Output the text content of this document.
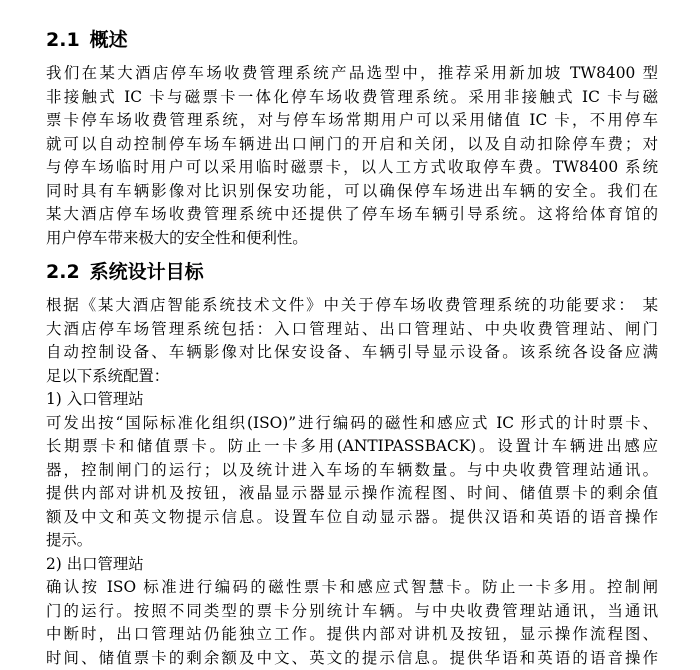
2.1 概述
我们在某大酒店停车场收费管理系统产品选型中，推荐采用新加坡 TW8400 型
非接触式 IC 卡与磁票卡一体化停车场收费管理系统。采用非接触式 IC 卡与磁
票卡停车场收费管理系统，对与停车场常期用户可以采用储值 IC 卡，不用停车
就可以自动控制停车场车辆进出口闸门的开启和关闭，以及自动扣除停车费；对
与停车场临时用户可以采用临时磁票卡，以人工方式收取停车费。TW8400 系统
同时具有车辆影像对比识别保安功能，可以确保停车场进出车辆的安全。我们在
某大酒店停车场收费管理系统中还提供了停车场车辆引导系统。这将给体育馆的
用户停车带来极大的安全性和便利性。
2.2 系统设计目标
根据《某大酒店智能系统技术文件》中关于停车场收费管理系统的功能要求： 某
大酒店停车场管理系统包括：入口管理站、出口管理站、中央收费管理站、闸门
自动控制设备、车辆影像对比保安设备、车辆引导显示设备。该系统各设备应满
足以下系统配置：
1) 入口管理站
可发出按“国际标准化组织(ISO)”进行编码的磁性和感应式 IC 形式的计时票卡、
长期票卡和储值票卡。防止一卡多用(ANTIPASSBACK)。设置计车辆进出感应
器，控制闸门的运行；以及统计进入车场的车辆数量。与中央收费管理站通讯。
提供内部对讲机及按钮，液晶显示器显示操作流程图、时间、储值票卡的剩余值
额及中文和英文物提示信息。设置车位自动显示器。提供汉语和英语的语音操作
提示。
2) 出口管理站
确认按 ISO 标准进行编码的磁性票卡和感应式智慧卡。防止一卡多用。控制闸
门的运行。按照不同类型的票卡分别统计车辆。与中央收费管理站通讯，当通讯
中断时，出口管理站仍能独立工作。提供内部对讲机及按钮，显示操作流程图、
时间、储值票卡的剩余额及中文、英文的提示信息。提供华语和英语的语音操作
